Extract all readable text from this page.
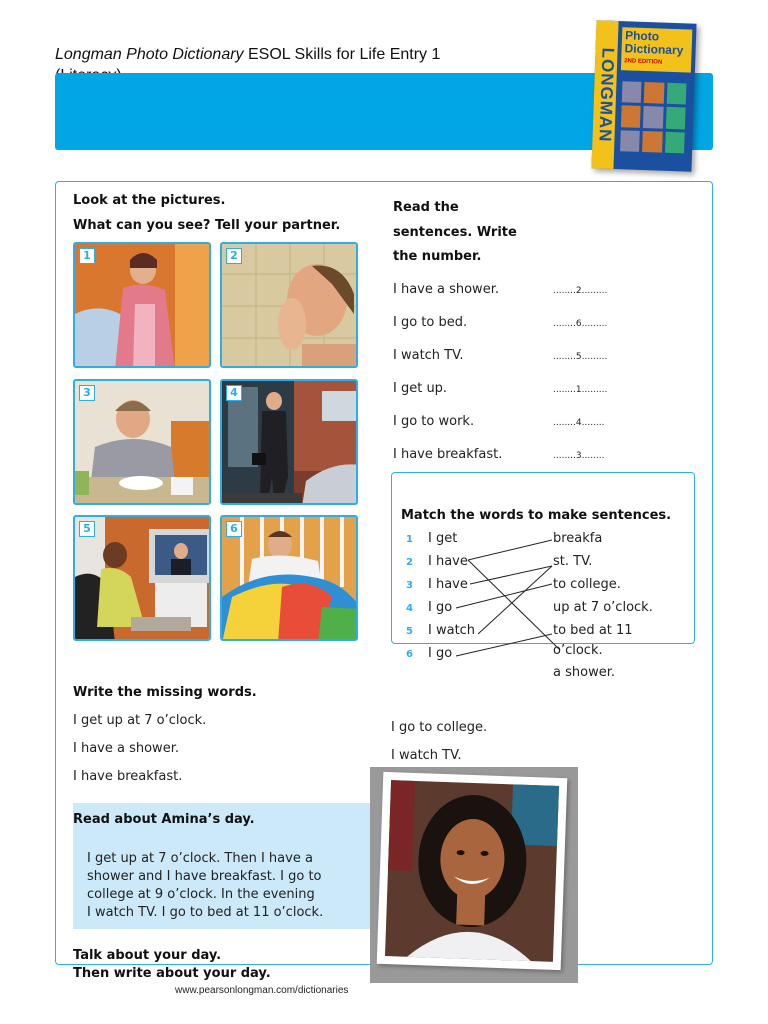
Longman Photo Dictionary ESOL Skills for Life Entry 1	LONGMAN
Photo Dictionary
2ND EDITION
Look at the pictures.
What can you see? Tell your partner.
1	2
3	4
5	6
Read the
sentences. Write
the number.
I have a shower.	........2.........
I go to bed.	........6.........
I watch TV.	........5.........
I get up.	........1.........
I go to work.	........4........
I have breakfast.	........3........
Match the words to make sentences.
1 I get
2 I have
3 I have
4 I go
5 I watch
6 I go
breakfa
st. TV.
to college.
up at 7 o’clock.
to bed at 11
o’clock.
a shower.
Write the missing words.
I get up at 7 o’clock.
I have a shower.
I have breakfast.
I go to college.
I watch TV.
Read about Amina’s day.
I get up at 7 o’clock. Then I have a
shower and I have breakfast. I go to
college at 9 o’clock. In the evening
I watch TV. I go to bed at 11 o’clock.
Talk about your day.
Then write about your day.
www.pearsonlongman.com/dictionaries
